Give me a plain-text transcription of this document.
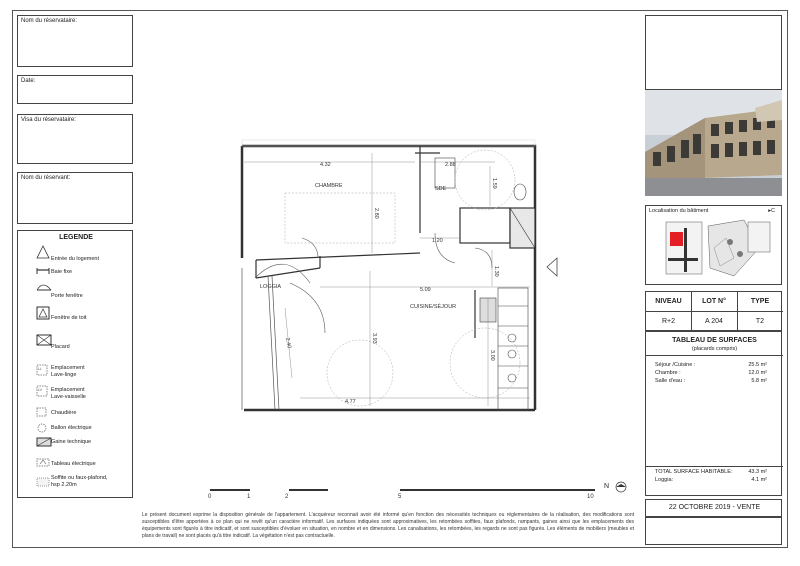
Nom du réservataire:
Date:
Visa du réservataire:
Nom du réservant:
LEGENDE
Entrée du logement
Baie fixe
Porte fenêtre
Fenêtre de toit
Placard
LL Emplacement
Lave-linge
LV Emplacement
Lave-vaisselle
Chaudière
Ballon électrique
Gaine technique
Tableau électrique
Soffite ou faux-plafond,
hsp 2.20m
CHAMBRE	SDE
LOGGIA
CUISINE/SÉJOUR
4.32	2.88
2.80
1.59
1.20
1.30
5.09
3.93
3.00
2.40
4.77
0	1	2	5	10
N
Le présent document exprime la disposition générale de l'appartement. L'acquéreur reconnait avoir été informé qu'en fonction des nécessités techniques ou réglementaires de la réalisation, des modifications sont susceptibles d'être apportées à ce plan qui ne revêt qu'un caractère informatif. Les surfaces indiquées sont approximatives, les retombées soffites, faux plafonds, rampants, gaines ainsi que les emplacements des équipements sont figurés à titre indicatif, et sont susceptibles d'évoluer en situation, en nombre et en dimensions. Les canalisations, les retombées, les regards ne sont pas figurés. Les éléments de mobiliers (meubles et plans de travail) ne sont placés qu'à titre indicatif. La végétation n'est pas contractuelle.
Localisation du bâtiment	▸C
NIVEAU	LOT N°	TYPE
R+2	A 204	T2
TABLEAU DE SURFACES
(placards compris)
Séjour /Cuisine :	25.5 m²
Chambre :	12.0 m²
Salle d'eau :	5.8 m²
TOTAL SURFACE HABITABLE:	43.3 m²
Loggia:	4.1 m²
22 OCTOBRE 2019 - VENTE
